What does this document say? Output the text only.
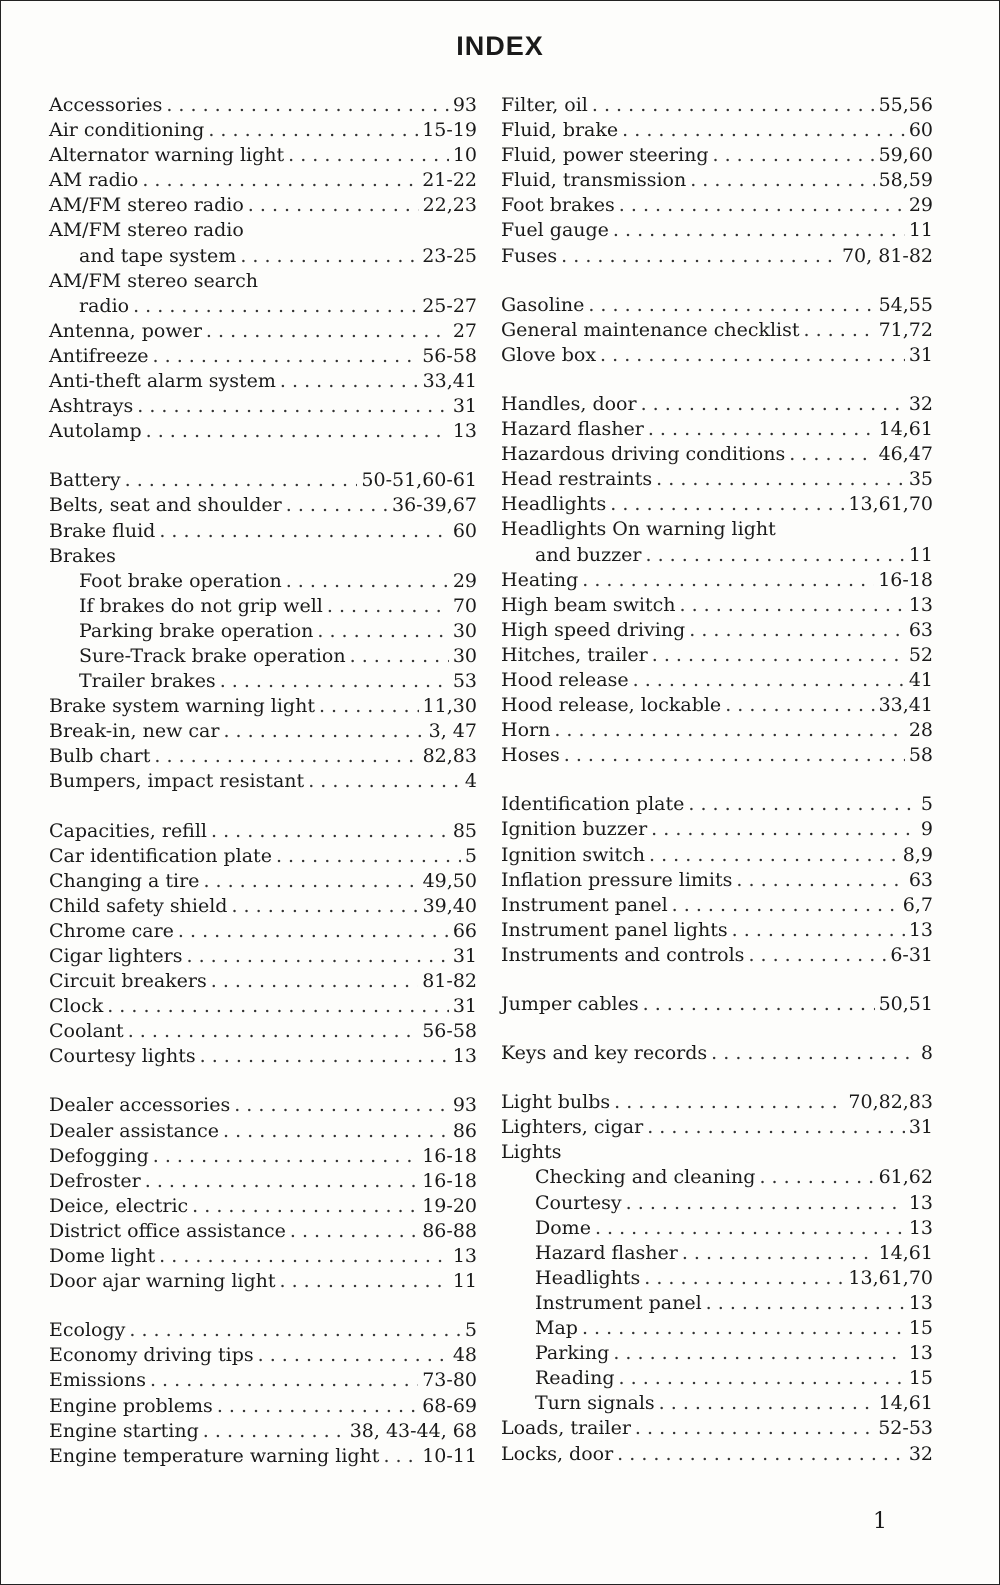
INDEX
Accessories . . .	93
Air conditioning . . .	15-19
Alternator warning light . . .	10
AM radio . . .	21-22
AM/FM stereo radio . . .	22,23
AM/FM stereo radio
and tape system . . .	23-25
AM/FM stereo search
radio . . .	25-27
Antenna, power . . .	27
Antifreeze . . .	56-58
Anti-theft alarm system . . .	33,41
Ashtrays . . .	31
Autolamp . . .	13
Battery . . .	50-51,60-61
Belts, seat and shoulder . . .	36-39,67
Brake fluid . . .	60
Brakes
Foot brake operation . . .	29
If brakes do not grip well . . .	70
Parking brake operation . . .	30
Sure-Track brake operation . . .	30
Trailer brakes . . .	53
Brake system warning light . . .	11,30
Break-in, new car . . .	3, 47
Bulb chart . . .	82,83
Bumpers, impact resistant . . .	4
Capacities, refill . . .	85
Car identification plate . . .	5
Changing a tire . . .	49,50
Child safety shield . . .	39,40
Chrome care . . .	66
Cigar lighters . . .	31
Circuit breakers . . .	81-82
Clock . . .	31
Coolant . . .	56-58
Courtesy lights . . .	13
Dealer accessories . . .	93
Dealer assistance . . .	86
Defogging . . .	16-18
Defroster . . .	16-18
Deice, electric . . .	19-20
District office assistance . . .	86-88
Dome light . . .	13
Door ajar warning light . . .	11
Ecology . . .	5
Economy driving tips . . .	48
Emissions . . .	73-80
Engine problems . . .	68-69
Engine starting . . .	38, 43-44, 68
Engine temperature warning light . . . 10-11
Filter, oil . . .	55,56
Fluid, brake . . .	60
Fluid, power steering . . .	59,60
Fluid, transmission . . .	58,59
Foot brakes . . .	29
Fuel gauge . . .	11
Fuses . . .	70, 81-82
Gasoline . . .	54,55
General maintenance checklist . . .	71,72
Glove box . . .	31
Handles, door . . .	32
Hazard flasher . . .	14,61
Hazardous driving conditions . . .	46,47
Head restraints . . .	35
Headlights . . .	13,61,70
Headlights On warning light
and buzzer . . .	11
Heating . . .	16-18
High beam switch . . .	13
High speed driving . . .	63
Hitches, trailer . . .	52
Hood release . . .	41
Hood release, lockable . . .	33,41
Horn . . .	28
Hoses . . .	58
Identification plate . . .	5
Ignition buzzer . . .	9
Ignition switch . . .	8,9
Inflation pressure limits . . .	63
Instrument panel . . .	6,7
Instrument panel lights . . .	13
Instruments and controls . . .	6-31
Jumper cables . . .	50,51
Keys and key records . . .	8
Light bulbs . . .	70,82,83
Lighters, cigar . . .	31
Lights
Checking and cleaning . . .	61,62
Courtesy . . .	13
Dome . . .	13
Hazard flasher . . .	14,61
Headlights . . .	13,61,70
Instrument panel . . .	13
Map . . .	15
Parking . . .	13
Reading . . .	15
Turn signals . . .	14,61
Loads, trailer . . .	52-53
Locks, door . . .	32
1
